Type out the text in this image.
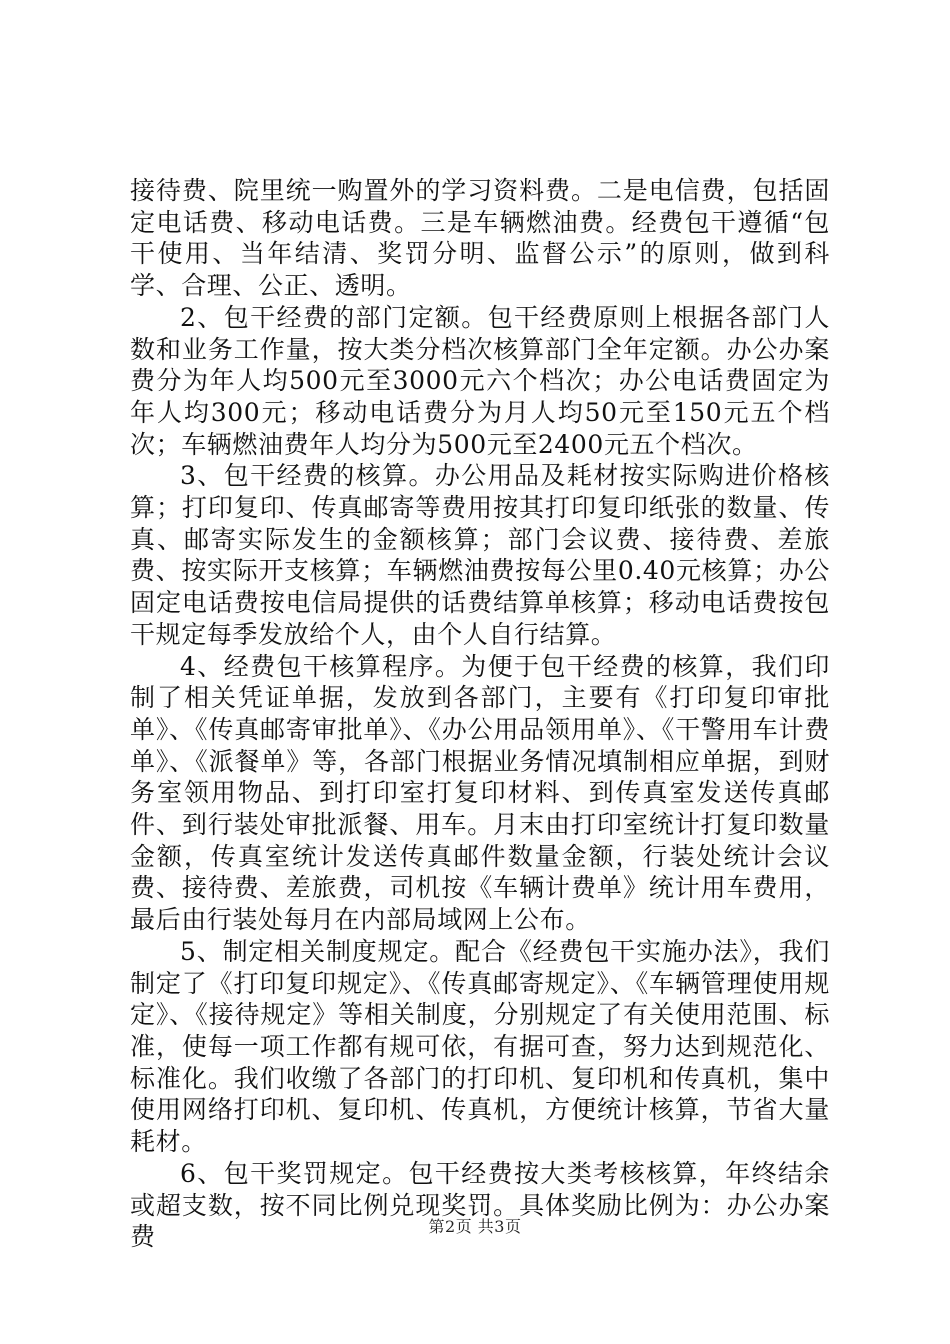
接待费、院里统一购置外的学习资料费。二是电信费，包括固定电话费、移动电话费。三是车辆燃油费。经费包干遵循“包干使用、当年结清、奖罚分明、监督公示”的原则，做到科学、合理、公正、透明。

2、包干经费的部门定额。包干经费原则上根据各部门人数和业务工作量，按大类分档次核算部门全年定额。办公办案费分为年人均500元至3000元六个档次；办公电话费固定为年人均300元；移动电话费分为月人均50元至150元五个档次；车辆燃油费年人均分为500元至2400元五个档次。

3、包干经费的核算。办公用品及耗材按实际购进价格核算；打印复印、传真邮寄等费用按其打印复印纸张的数量、传真、邮寄实际发生的金额核算；部门会议费、接待费、差旅费、按实际开支核算；车辆燃油费按每公里0.40元核算；办公固定电话费按电信局提供的话费结算单核算；移动电话费按包干规定每季发放给个人，由个人自行结算。

4、经费包干核算程序。为便于包干经费的核算，我们印制了相关凭证单据，发放到各部门，主要有《打印复印审批单》、《传真邮寄审批单》、《办公用品领用单》、《干警用车计费单》、《派餐单》等，各部门根据业务情况填制相应单据，到财务室领用物品、到打印室打复印材料、到传真室发送传真邮件、到行装处审批派餐、用车。月末由打印室统计打复印数量金额，传真室统计发送传真邮件数量金额，行装处统计会议费、接待费、差旅费，司机按《车辆计费单》统计用车费用，最后由行装处每月在内部局域网上公布。

5、制定相关制度规定。配合《经费包干实施办法》，我们制定了《打印复印规定》、《传真邮寄规定》、《车辆管理使用规定》、《接待规定》等相关制度，分别规定了有关使用范围、标准，使每一项工作都有规可依，有据可查，努力达到规范化、标准化。我们收缴了各部门的打印机、复印机和传真机，集中使用网络打印机、复印机、传真机，方便统计核算，节省大量耗材。

6、包干奖罚规定。包干经费按大类考核核算，年终结余或超支数，按不同比例兑现奖罚。具体奖励比例为：办公办案费	第2页 共3页
